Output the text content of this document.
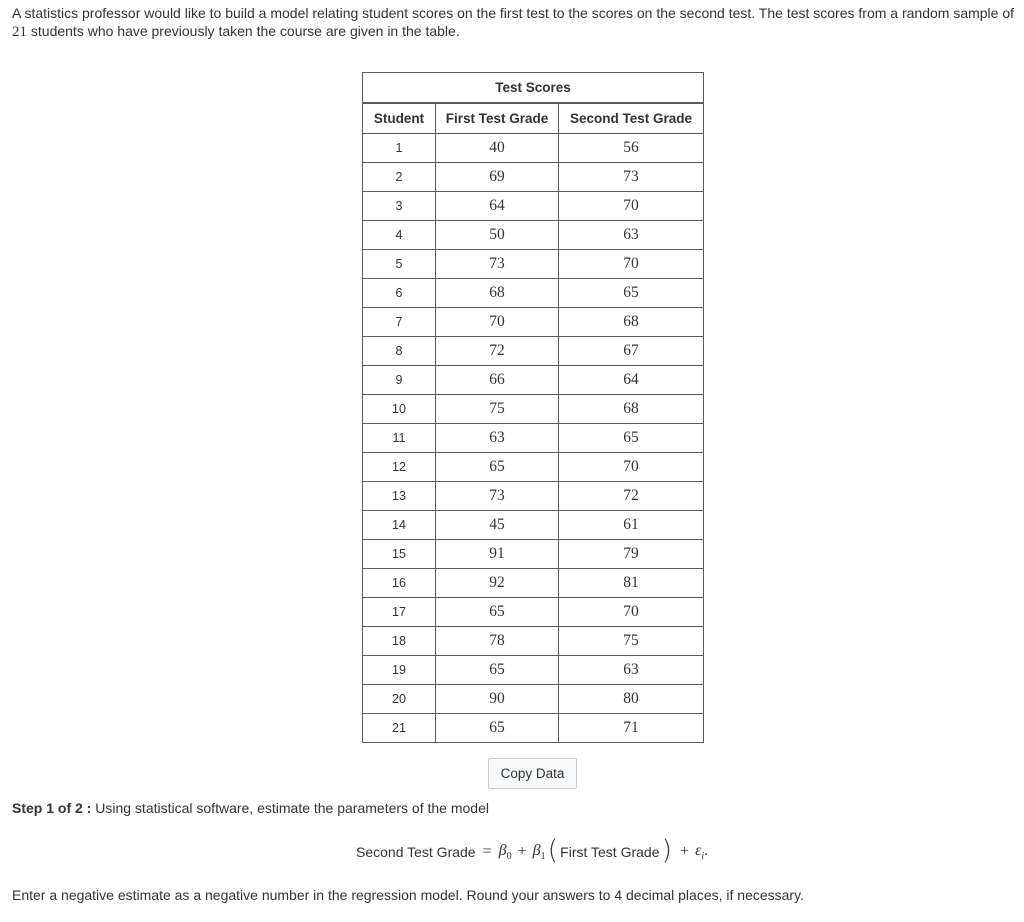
A statistics professor would like to build a model relating student scores on the first test to the scores on the second test. The test scores from a random sample of
21 students who have previously taken the course are given in the table.

Test Scores		
Student	First Test Grade	Second Test Grade
1	40	56
2	69	73
3	64	70
4	50	63
5	73	70
6	68	65
7	70	68
8	72	67
9	66	64
10	75	68
11	63	65
12	65	70
13	73	72
14	45	61
15	91	79
16	92	81
17	65	70
18	78	75
19	65	63
20	90	80
21	65	71
Copy Data
Step 1 of 2 : Using statistical software, estimate the parameters of the model
Second Test Grade = $\beta_0 + \beta_1$ ( First Test Grade ) + $\varepsilon_i$.
Enter a negative estimate as a negative number in the regression model. Round your answers to 4 decimal places, if necessary.
